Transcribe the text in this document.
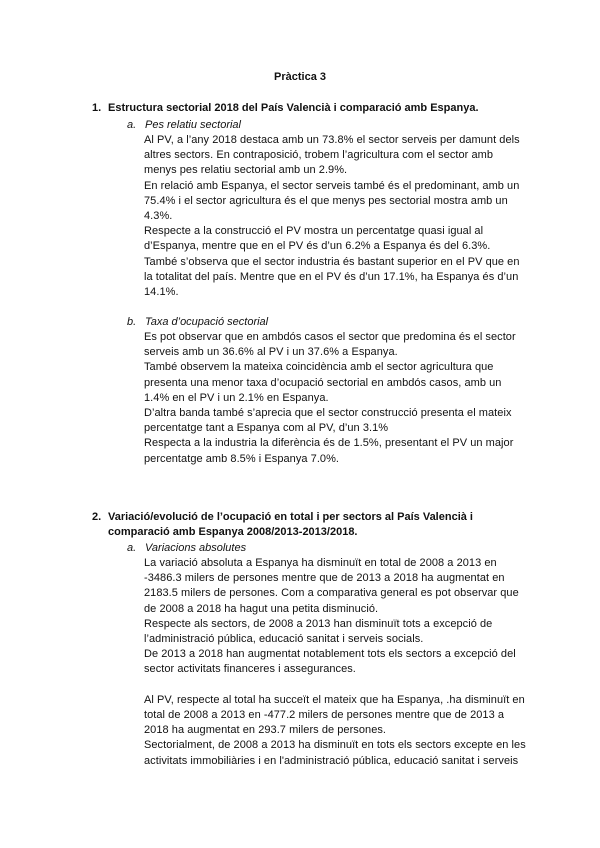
Pràctica 3
1. Estructura sectorial 2018 del País Valencià i comparació amb Espanya.
a. Pes relatiu sectorial

Al PV, a l’any 2018 destaca amb un 73.8% el sector serveis per damunt dels altres sectors. En contraposició, trobem l’agricultura com el sector amb menys pes relatiu sectorial amb un 2.9%.

En relació amb Espanya, el sector serveis també és el predominant, amb un 75.4% i el sector agricultura és el que menys pes sectorial mostra amb un 4.3%.

Respecte a la construcció el PV mostra un percentatge quasi igual al d’Espanya, mentre que en el PV és d’un 6.2% a Espanya és del 6.3%.

També s’observa que el sector industria és bastant superior en el PV que en la totalitat del país. Mentre que en el PV és d’un 17.1%, ha Espanya és d’un 14.1%.

b. Taxa d’ocupació sectorial

Es pot observar que en ambdós casos el sector que predomina és el sector serveis amb un 36.6% al PV i un 37.6% a Espanya.

També observem la mateixa coincidència amb el sector agricultura que presenta una menor taxa d’ocupació sectorial en ambdós casos, amb un 1.4% en el PV i un 2.1% en Espanya.

D’altra banda també s’aprecia que el sector construcció presenta el mateix percentatge tant a Espanya com al PV, d’un 3.1%

Respecta a la industria la diferència és de 1.5%, presentant el PV un major percentatge amb 8.5% i Espanya 7.0%.

2. Variació/evolució de l’ocupació en total i per sectors al País Valencià i comparació amb Espanya 2008/2013-2013/2018.
a. Variacions absolutes

La variació absoluta a Espanya ha disminuït en total de 2008 a 2013 en -3486.3 milers de persones mentre que de 2013 a 2018 ha augmentat en 2183.5 milers de persones. Com a comparativa general es pot observar que de 2008 a 2018 ha hagut una petita disminució.

Respecte als sectors, de 2008 a 2013 han disminuït tots a excepció de l’administració pública, educació sanitat i serveis socials.

De 2013 a 2018 han augmentat notablement tots els sectors a excepció del sector activitats financeres i assegurances.

Al PV, respecte al total ha succeït el mateix que ha Espanya, .ha disminuït en total de 2008 a 2013 en -477.2 milers de persones mentre que de 2013 a 2018 ha augmentat en 293.7 milers de persones.

Sectorialment, de 2008 a 2013 ha disminuït en tots els sectors excepte en les activitats immobiliàries i en l'administració pública, educació sanitat i serveis
